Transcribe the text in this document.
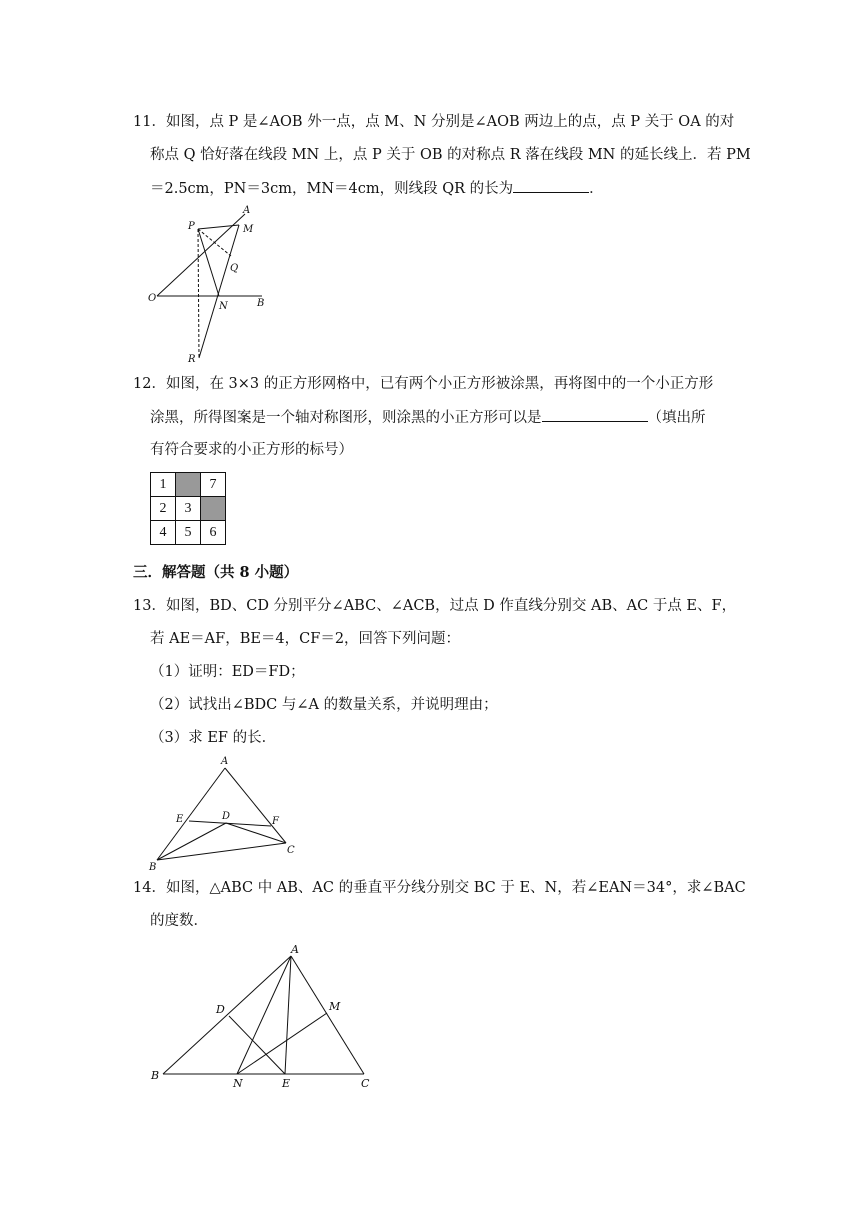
11．如图，点 P 是∠AOB 外一点，点 M、N 分别是∠AOB 两边上的点，点 P 关于 OA 的对
称点 Q 恰好落在线段 MN 上，点 P 关于 OB 的对称点 R 落在线段 MN 的延长线上．若 PM
＝2.5cm，PN＝3cm，MN＝4cm，则线段 QR 的长为	．
P
A
M
Q
O
N	B
R
12．如图，在 3×3 的正方形网格中，已有两个小正方形被涂黑，再将图中的一个小正方形
涂黑，所得图案是一个轴对称图形，则涂黑的小正方形可以是	（填出所
有符合要求的小正方形的标号）
1		7
2	3	
4	5	6
三．解答题（共 8 小题）
13．如图，BD、CD 分别平分∠ABC、∠ACB，过点 D 作直线分别交 AB、AC 于点 E、F，
若 AE＝AF，BE＝4，CF＝2，回答下列问题：
（1）证明：ED＝FD；
（2）试找出∠BDC 与∠A 的数量关系，并说明理由；
（3）求 EF 的长．
A
E	D	F
B
C
14．如图，△ABC 中 AB、AC 的垂直平分线分别交 BC 于 E、N，若∠EAN＝34°，求∠BAC
的度数．
A
D	M
B
N	E	C
